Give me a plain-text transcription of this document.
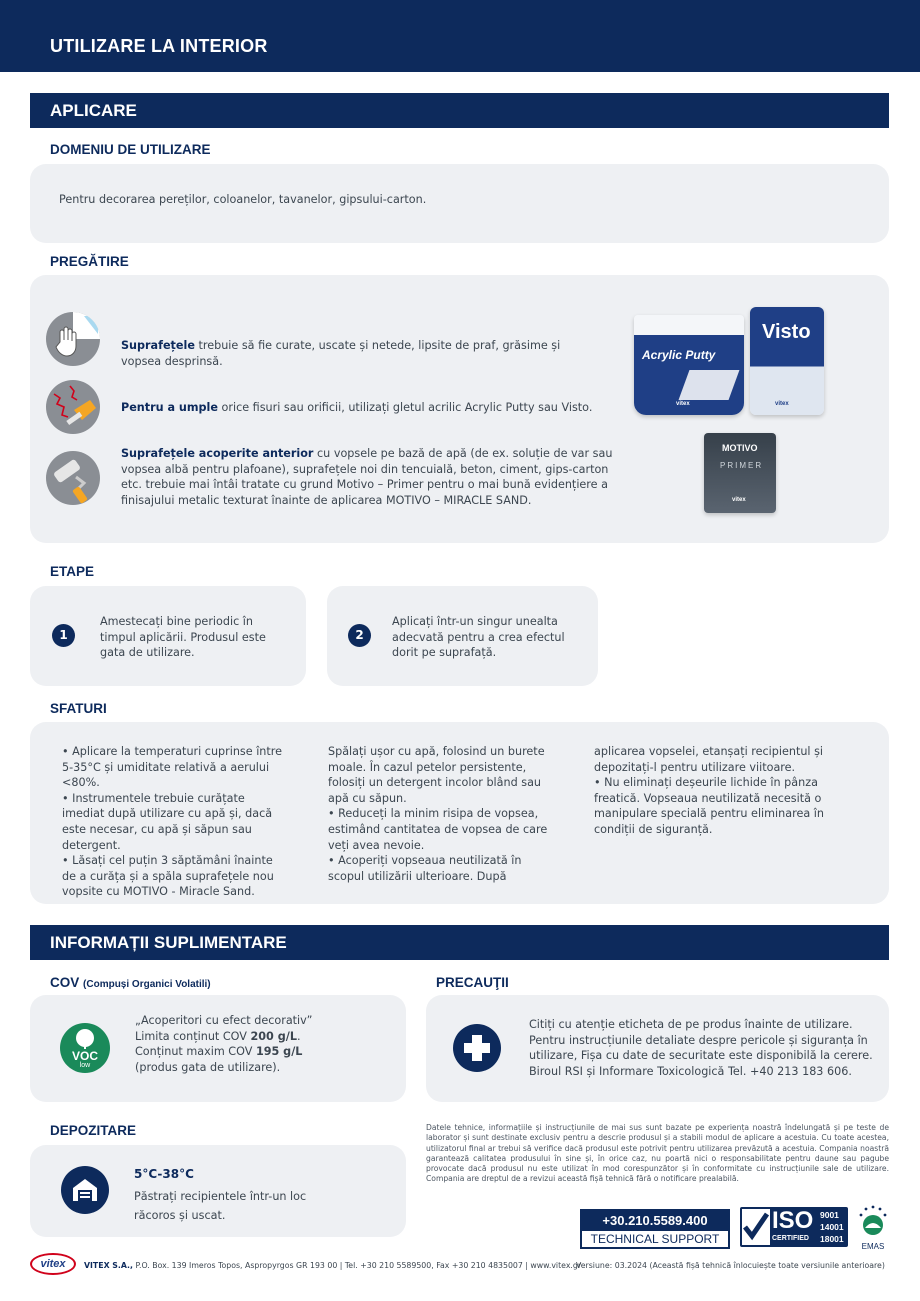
UTILIZARE LA INTERIOR
APLICARE
DOMENIU DE UTILIZARE
Pentru decorarea pereților, coloanelor, tavanelor, gipsului-carton.
PREGĂTIRE
Suprafețele trebuie să fie curate, uscate și netede, lipsite de praf, grăsime și vopsea desprinsă.
Pentru a umple orice fisuri sau orificii, utilizați gletul acrilic Acrylic Putty sau Visto.
Suprafețele acoperite anterior cu vopsele pe bază de apă (de ex. soluție de var sau vopsea albă pentru plafoane), suprafețele noi din tencuială, beton, ciment, gips-carton etc. trebuie mai întâi tratate cu grund Motivo – Primer pentru o mai bună evidențiere a finisajului metalic texturat înainte de aplicarea MOTIVO – MIRACLE SAND.
Acrylic Putty
vitex
Visto
vitex
MOTIVO
PRIMER
vitex
ETAPE
1
Amestecați bine periodic în timpul aplicării. Produsul este gata de utilizare.
2
Aplicați într-un singur unealta adecvată pentru a crea efectul dorit pe suprafață.
SFATURI
• Aplicare la temperaturi cuprinse între 5-35°C și umiditate relativă a aerului <80%.
• Instrumentele trebuie curățate imediat după utilizare cu apă și, dacă este necesar, cu apă și săpun sau detergent.
• Lăsați cel puțin 3 săptămâni înainte de a curăța și a spăla suprafețele nou vopsite cu MOTIVO - Miracle Sand.
Spălați ușor cu apă, folosind un burete moale. În cazul petelor persistente, folosiți un detergent incolor blând sau apă cu săpun.
• Reduceți la minim risipa de vopsea, estimând cantitatea de vopsea de care veți avea nevoie.
• Acoperiți vopseaua neutilizată în scopul utilizării ulterioare. După
aplicarea vopselei, etanșați recipientul și depozitați-l pentru utilizare viitoare.
• Nu eliminați deșeurile lichide în pânza freatică. Vopseaua neutilizată necesită o manipulare specială pentru eliminarea în condiții de siguranță.
INFORMAȚII SUPLIMENTARE
COV (Compuși Organici Volatili)
VOC
low
„Acoperitori cu efect decorativ”
Limita conținut COV 200 g/L.
Conținut maxim COV 195 g/L
(produs gata de utilizare).
PRECAUŢII
Citiți cu atenție eticheta de pe produs înainte de utilizare. Pentru instrucțiunile detaliate despre pericole și siguranța în utilizare, Fișa cu date de securitate este disponibilă la cerere. Biroul RSI și Informare Toxicologică Tel. +40 213 183 606.
DEPOZITARE
5°C-38°C
Păstrați recipientele într-un loc răcoros și uscat.
Datele tehnice, informațiile și instrucțiunile de mai sus sunt bazate pe experiența noastră îndelungată și pe teste de laborator și sunt destinate exclusiv pentru a descrie produsul și a stabili modul de aplicare a acestuia. Cu toate acestea, utilizatorul final ar trebui să verifice dacă produsul este potrivit pentru utilizarea prevăzută a acestuia. Compania noastră garantează calitatea produsului în sine și, în orice caz, nu poartă nici o responsabilitate pentru daune sau pagube provocate dacă produsul nu este utilizat în mod corespunzător și în conformitate cu instrucțiunile sale de utilizare. Compania are dreptul de a revizui această fișă tehnică fără o notificare prealabilă.
+30.210.5589.400
TECHNICAL SUPPORT
ISO
CERTIFIED
9001
14001
18001
EMAS
vitex	VITEX S.A., P.O. Box. 139 Imeros Topos, Aspropyrgos GR 193 00 | Tel. +30 210 5589500, Fax +30 210 4835007 | www.vitex.gr
Versiune: 03.2024 (Această fișă tehnică înlocuiește toate versiunile anterioare)
